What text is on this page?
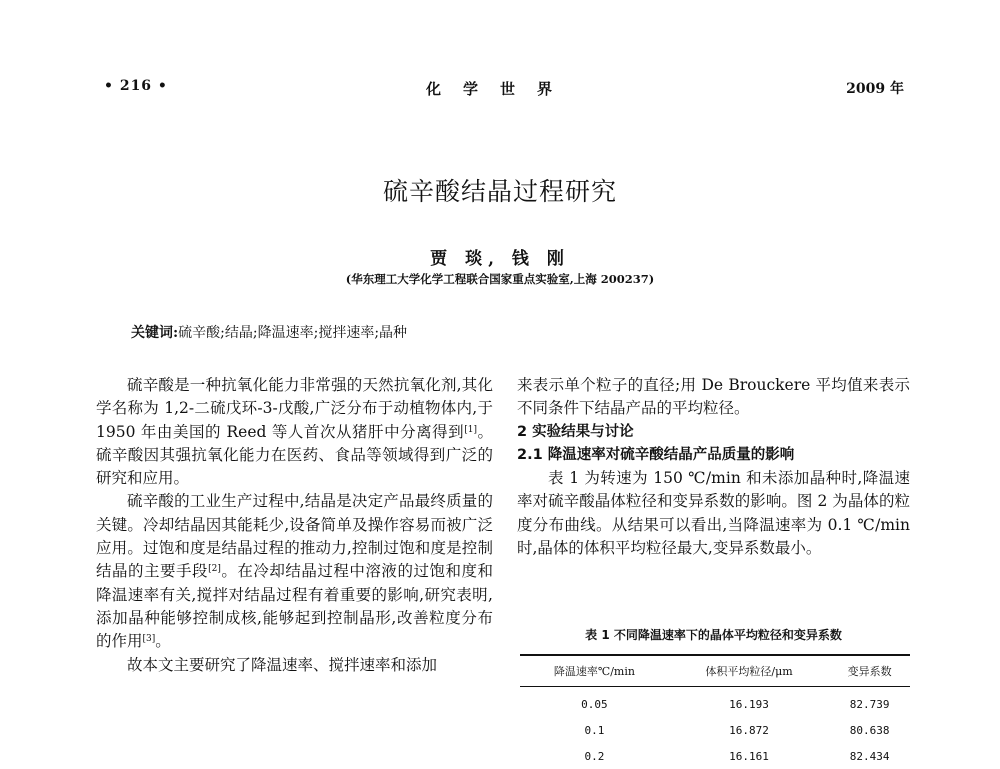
• 216 •	化学世界	2009 年
硫辛酸结晶过程研究
贾 琰, 钱 刚
(华东理工大学化学工程联合国家重点实验室,上海 200237)
关键词:硫辛酸;结晶;降温速率;搅拌速率;晶种

硫辛酸是一种抗氧化能力非常强的天然抗氧化剂,其化学名称为 1,2-二硫戊环-3-戊酸,广泛分布于动植物体内,于 1950 年由美国的 Reed 等人首次从猪肝中分离得到[1]。硫辛酸因其强抗氧化能力在医药、食品等领域得到广泛的研究和应用。

硫辛酸的工业生产过程中,结晶是决定产品最终质量的关键。冷却结晶因其能耗少,设备简单及操作容易而被广泛应用。过饱和度是结晶过程的推动力,控制过饱和度是控制结晶的主要手段[2]。在冷却结晶过程中溶液的过饱和度和降温速率有关,搅拌对结晶过程有着重要的影响,研究表明,添加晶种能够控制成核,能够起到控制晶形,改善粒度分布的作用[3]。

故本文主要研究了降温速率、搅拌速率和添加

来表示单个粒子的直径;用 De Brouckere 平均值来表示不同条件下结晶产品的平均粒径。

2 实验结果与讨论

2.1 降温速率对硫辛酸结晶产品质量的影响

表 1 为转速为 150 ℃/min 和未添加晶种时,降温速率对硫辛酸晶体粒径和变异系数的影响。图 2 为晶体的粒度分布曲线。从结果可以看出,当降温速率为 0.1 ℃/min 时,晶体的体积平均粒径最大,变异系数最小。

表 1 不同降温速率下的晶体平均粒径和变异系数
降温速率℃/min	体积平均粒径/μm	变异系数
0.05	16.193	82.739
0.1	16.872	80.638
0.2	16.161	82.434
